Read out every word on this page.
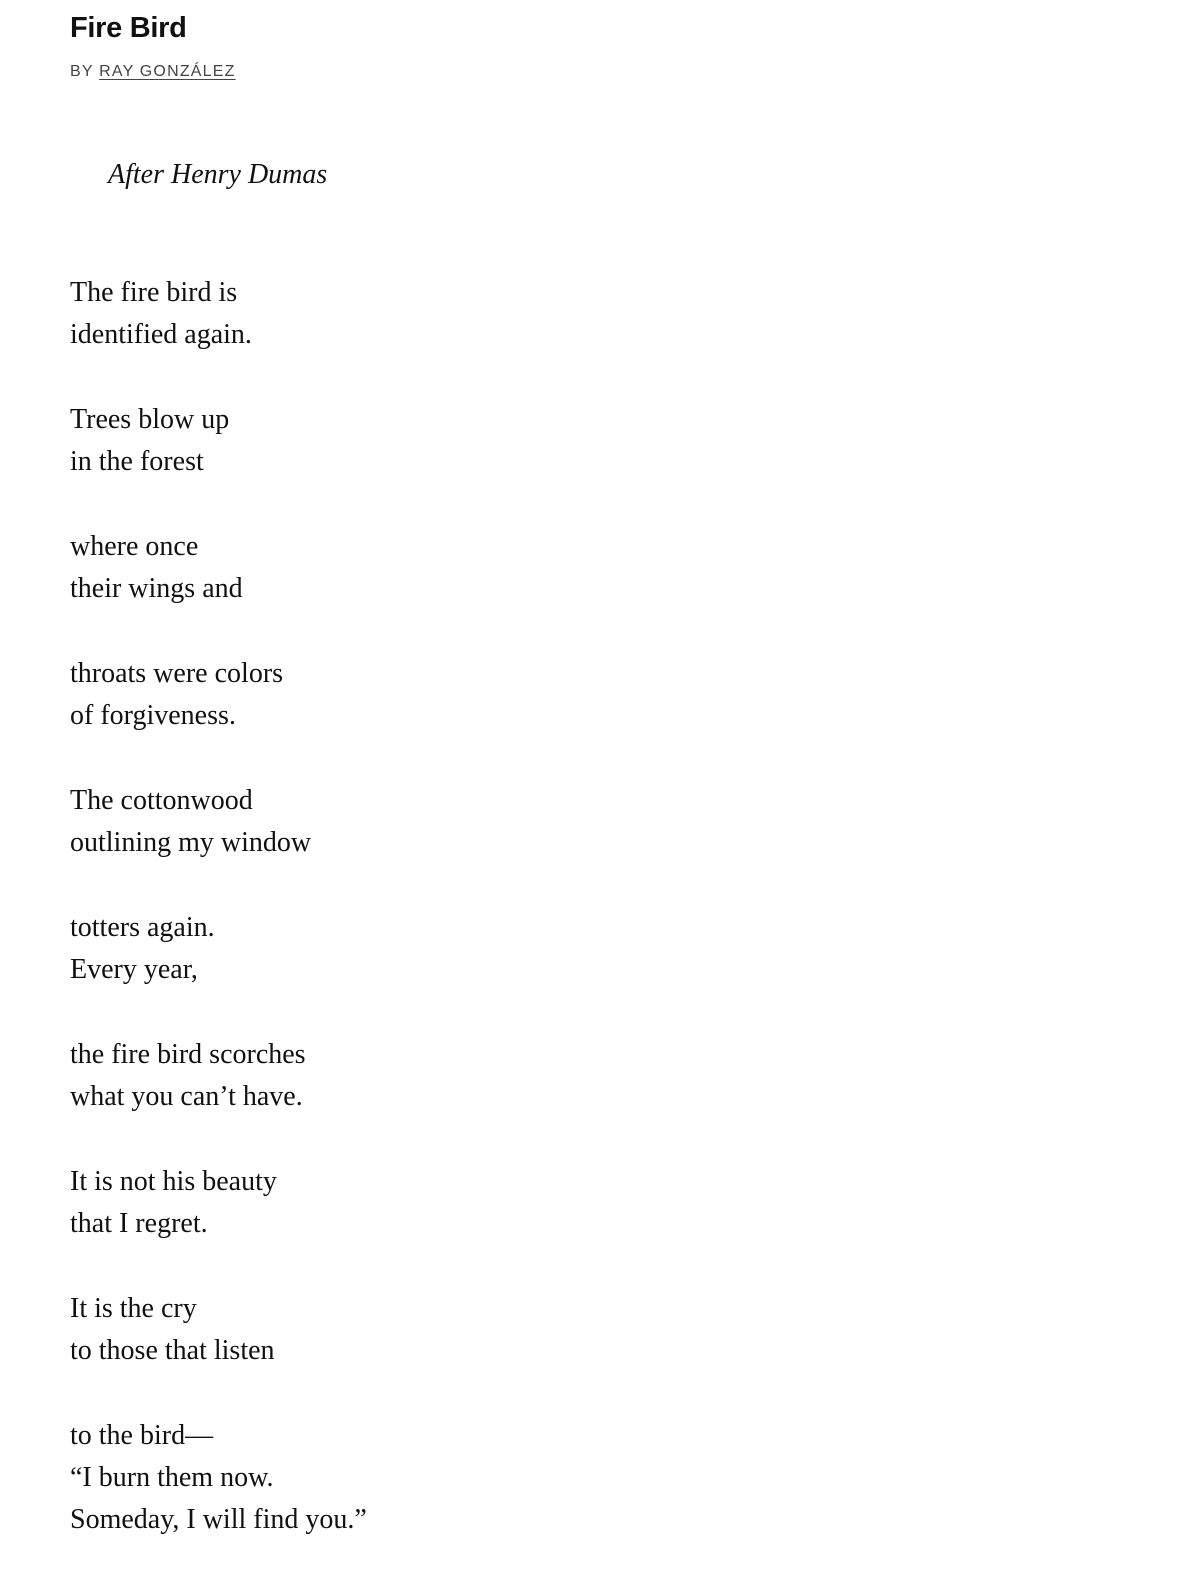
Fire Bird
BY RAY GONZÁLEZ
After Henry Dumas
The fire bird is
identified again.
Trees blow up
in the forest
where once
their wings and
throats were colors
of forgiveness.
The cottonwood
outlining my window
totters again.
Every year,
the fire bird scorches
what you can’t have.
It is not his beauty
that I regret.
It is the cry
to those that listen
to the bird—
“I burn them now.
Someday, I will find you.”
